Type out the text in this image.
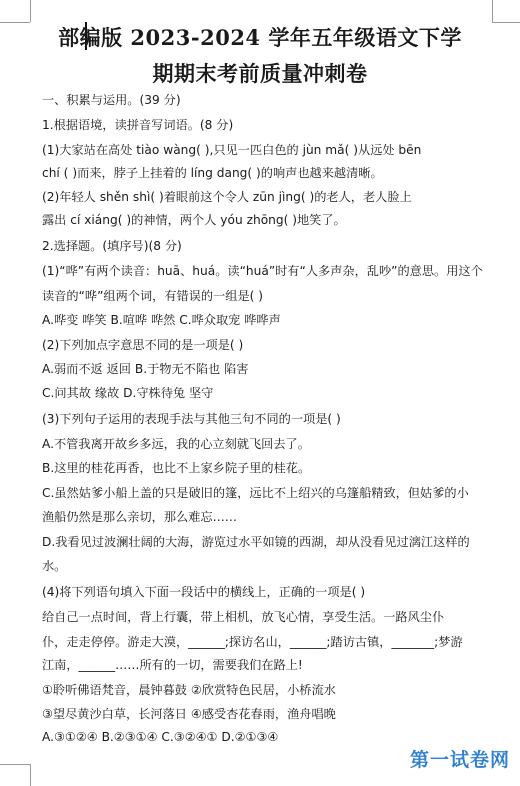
部编版 2023-2024 学年五年级语文下学
期期末考前质量冲刺卷
一、积累与运用。(39 分)
1.根据语境，读拼音写词语。(8 分)
(1)大家站在高处 tiào wàng( ),只见一匹白色的 jùn mǎ( )从远处 bēn
chí ( )而来，脖子上挂着的 líng dang( )的响声也越来越清晰。
(2)年轻人 shěn shì( )着眼前这个令人 zūn jìng( )的老人，老人脸上
露出 cí xiáng( )的神情，两个人 yóu zhōng( )地笑了。
2.选择题。(填序号)(8 分)
(1)“哗”有两个读音：huā、huá。读“huá”时有“人多声杂，乱吵”的意思。用这个
读音的“哗”组两个词，有错误的一组是( )
A.哗变 哗笑 B.喧哗 哗然 C.哗众取宠 哗哗声
(2)下列加点字意思不同的是一项是( )
A.弱而不返 返回 B.于物无不陷也 陷害
C.问其故 缘故 D.守株待兔 坚守
(3)下列句子运用的表现手法与其他三句不同的一项是( )
A.不管我离开故乡多远，我的心立刻就飞回去了。
B.这里的桂花再香，也比不上家乡院子里的桂花。
C.虽然姑爹小船上盖的只是破旧的篷，远比不上绍兴的乌篷船精致，但姑爹的小
渔船仍然是那么亲切，那么难忘……
D.我看见过波澜壮阔的大海，游览过水平如镜的西湖，却从没看见过漓江这样的
水。
(4)将下列语句填入下面一段话中的横线上，正确的一项是( )
给自己一点时间，背上行囊，带上相机，放飞心情，享受生活。一路风尘仆
仆，走走停停。游走大漠，______;探访名山，______;踏访古镇，_______;梦游
江南，______……所有的一切，需要我们在路上!
①聆听佛语梵音，晨钟暮鼓 ②欣赏特色民居，小桥流水
③望尽黄沙白草，长河落日 ④感受杏花春雨，渔舟唱晚
A.③①②④ B.②③①④ C.③②④① D.②①③④
第一试卷网
